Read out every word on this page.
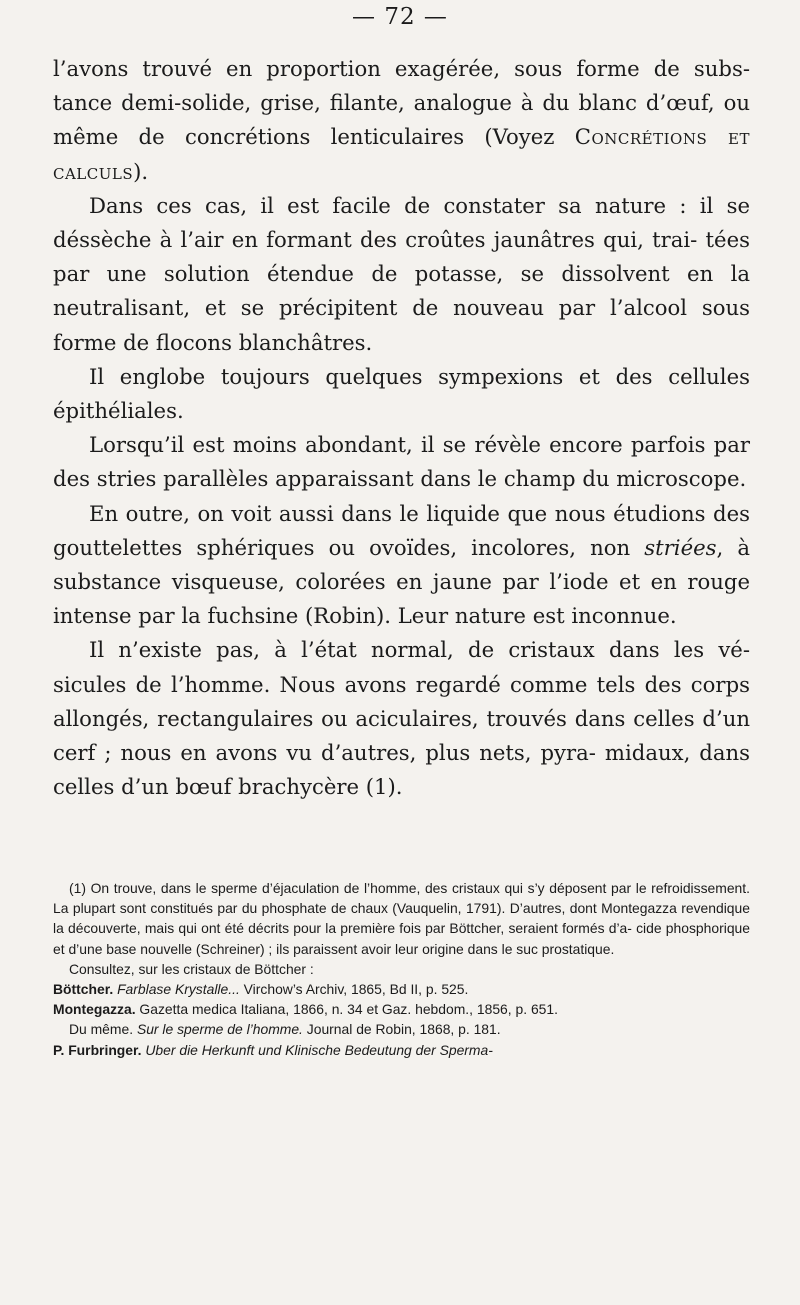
— 72 —

l’avons trouvé en proportion exagérée, sous forme de subs- tance demi-solide, grise, filante, analogue à du blanc d’œuf, ou même de concrétions lenticulaires (Voyez Concrétions et calculs).

Dans ces cas, il est facile de constater sa nature : il se déssèche à l’air en formant des croûtes jaunâtres qui, trai- tées par une solution étendue de potasse, se dissolvent en la neutralisant, et se précipitent de nouveau par l’alcool sous forme de flocons blanchâtres.

Il englobe toujours quelques sympexions et des cellules épithéliales.

Lorsqu’il est moins abondant, il se révèle encore parfois par des stries parallèles apparaissant dans le champ du microscope.

En outre, on voit aussi dans le liquide que nous étudions des gouttelettes sphériques ou ovoïdes, incolores, non striées, à substance visqueuse, colorées en jaune par l’iode et en rouge intense par la fuchsine (Robin). Leur nature est inconnue.

Il n’existe pas, à l’état normal, de cristaux dans les vé- sicules de l’homme. Nous avons regardé comme tels des corps allongés, rectangulaires ou aciculaires, trouvés dans celles d’un cerf ; nous en avons vu d’autres, plus nets, pyra- midaux, dans celles d’un bœuf brachycère (1).

(1) On trouve, dans le sperme d’éjaculation de l’homme, des cristaux qui s’y déposent par le refroidissement. La plupart sont constitués par du phosphate de chaux (Vauquelin, 1791). D’autres, dont Montegazza revendique la découverte, mais qui ont été décrits pour la première fois par Böttcher, seraient formés d’a- cide phosphorique et d’une base nouvelle (Schreiner) ; ils paraissent avoir leur origine dans le suc prostatique.

Consultez, sur les cristaux de Böttcher :

Böttcher. Farblase Krystalle... Virchow’s Archiv, 1865, Bd II, p. 525.

Montegazza. Gazetta medica Italiana, 1866, n. 34 et Gaz. hebdom., 1856, p. 651.

Du même. Sur le sperme de l’homme. Journal de Robin, 1868, p. 181.

P. Furbringer. Uber die Herkunft und Klinische Bedeutung der Sperma-
